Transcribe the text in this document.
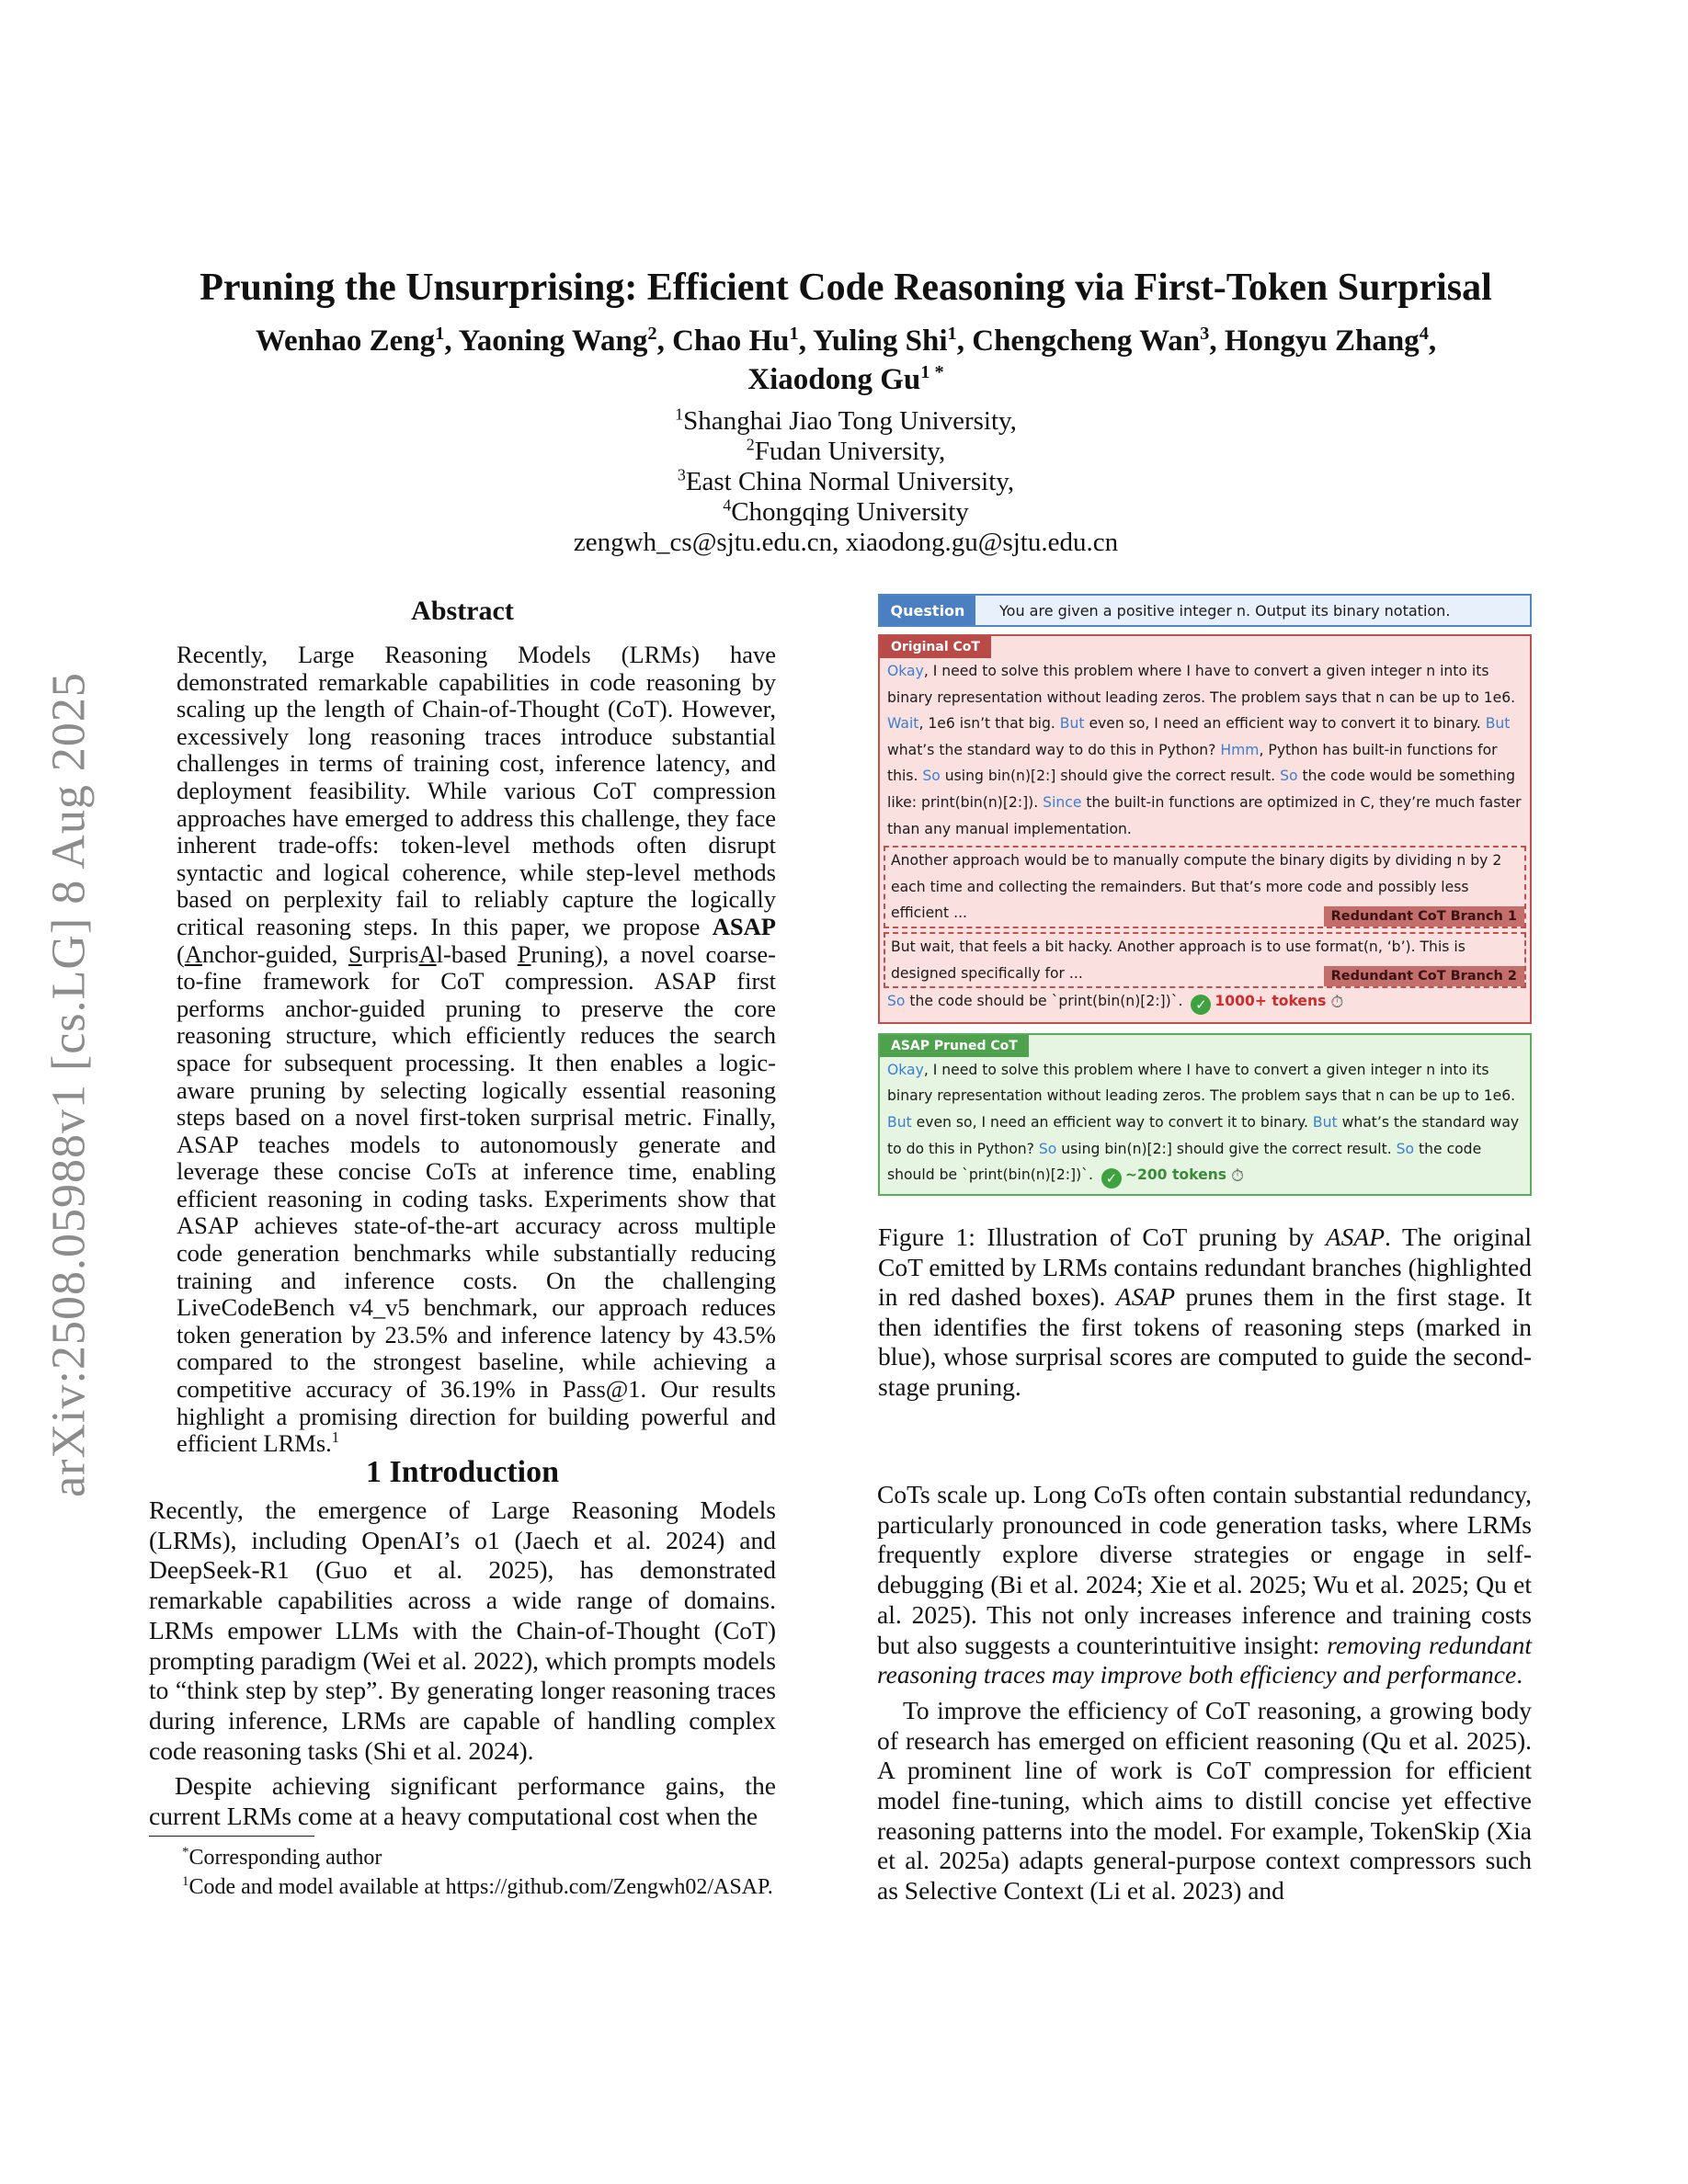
arXiv:2508.05988v1 [cs.LG] 8 Aug 2025
Pruning the Unsurprising: Efficient Code Reasoning via First-Token Surprisal
Wenhao Zeng$^1$, Yaoning Wang$^2$, Chao Hu$^1$, Yuling Shi$^1$, Chengcheng Wan$^3$, Hongyu Zhang$^4$,
Xiaodong $Gu^{1 *}$
$^1$Shanghai Jiao Tong University,
$^2$Fudan University,
$^3$East China Normal University,
$^4$Chongqing University
zengwh_cs@sjtu.edu.cn, xiaodong.gu@sjtu.edu.cn
Abstract
Recently, Large Reasoning Models (LRMs) have demonstrated remarkable capabilities in code reasoning by scaling up the length of Chain-of-Thought (CoT). However, excessively long reasoning traces introduce substantial challenges in terms of training cost, inference latency, and deployment feasibility. While various CoT compression approaches have emerged to address this challenge, they face inherent trade-offs: token-level methods often disrupt syntactic and logical coherence, while step-level methods based on perplexity fail to reliably capture the logically critical reasoning steps. In this paper, we propose ASAP (Anchor-guided, SurprisAl-based Pruning), a novel coarse-to-fine framework for CoT compression. ASAP first performs anchor-guided pruning to preserve the core reasoning structure, which efficiently reduces the search space for subsequent processing. It then enables a logic-aware pruning by selecting logically essential reasoning steps based on a novel first-token surprisal metric. Finally, ASAP teaches models to autonomously generate and leverage these concise CoTs at inference time, enabling efficient reasoning in coding tasks. Experiments show that ASAP achieves state-of-the-art accuracy across multiple code generation benchmarks while substantially reducing training and inference costs. On the challenging LiveCodeBench v4_v5 benchmark, our approach reduces token generation by 23.5% and inference latency by 43.5% compared to the strongest baseline, while achieving a competitive accuracy of 36.19% in Pass@1. Our results highlight a promising direction for building powerful and efficient LRMs.$^1$
Question	You are given a positive integer n. Output its binary notation.
Original CoT
Okay, I need to solve this problem where I have to convert a given integer n into its binary representation without leading zeros. The problem says that n can be up to 1e6. Wait, 1e6 isn’t that big. But even so, I need an efficient way to convert it to binary. But what’s the standard way to do this in Python? Hmm, Python has built-in functions for this. So using bin(n)[2:] should give the correct result. So the code would be something like: print(bin(n)[2:]). Since the built-in functions are optimized in C, they’re much faster than any manual implementation.
Another approach would be to manually compute the binary digits by dividing n by 2 each time and collecting the remainders. But that’s more code and possibly less efficient ...	Redundant CoT Branch 1
But wait, that feels a bit hacky. Another approach is to use format(n, ‘b’). This is designed specifically for ...	Redundant CoT Branch 2
So the code should be `print(bin(n)[2:])`. ✓ 1000+ tokens ⏱
ASAP Pruned CoT
Okay, I need to solve this problem where I have to convert a given integer n into its binary representation without leading zeros. The problem says that n can be up to 1e6. But even so, I need an efficient way to convert it to binary. But what’s the standard way to do this in Python? So using bin(n)[2:] should give the correct result. So the code should be `print(bin(n)[2:])`. ✓ ~200 tokens ⏱
Figure 1: Illustration of CoT pruning by ASAP. The original CoT emitted by LRMs contains redundant branches (highlighted in red dashed boxes). ASAP prunes them in the first stage. It then identifies the first tokens of reasoning steps (marked in blue), whose surprisal scores are computed to guide the second-stage pruning.
1 Introduction

Recently, the emergence of Large Reasoning Models (LRMs), including OpenAI’s o1 (Jaech et al. 2024) and DeepSeek-R1 (Guo et al. 2025), has demonstrated remarkable capabilities across a wide range of domains. LRMs empower LLMs with the Chain-of-Thought (CoT) prompting paradigm (Wei et al. 2022), which prompts models to “think step by step”. By generating longer reasoning traces during inference, LRMs are capable of handling complex code reasoning tasks (Shi et al. 2024).

Despite achieving significant performance gains, the current LRMs come at a heavy computational cost when the

CoTs scale up. Long CoTs often contain substantial redundancy, particularly pronounced in code generation tasks, where LRMs frequently explore diverse strategies or engage in self-debugging (Bi et al. 2024; Xie et al. 2025; Wu et al. 2025; Qu et al. 2025). This not only increases inference and training costs but also suggests a counterintuitive insight: removing redundant reasoning traces may improve both efficiency and performance.

To improve the efficiency of CoT reasoning, a growing body of research has emerged on efficient reasoning (Qu et al. 2025). A prominent line of work is CoT compression for efficient model fine-tuning, which aims to distill concise yet effective reasoning patterns into the model. For example, TokenSkip (Xia et al. 2025a) adapts general-purpose context compressors such as Selective Context (Li et al. 2023) and

*Corresponding author
$^1$Code and model available at https://github.com/Zengwh02/ASAP.
